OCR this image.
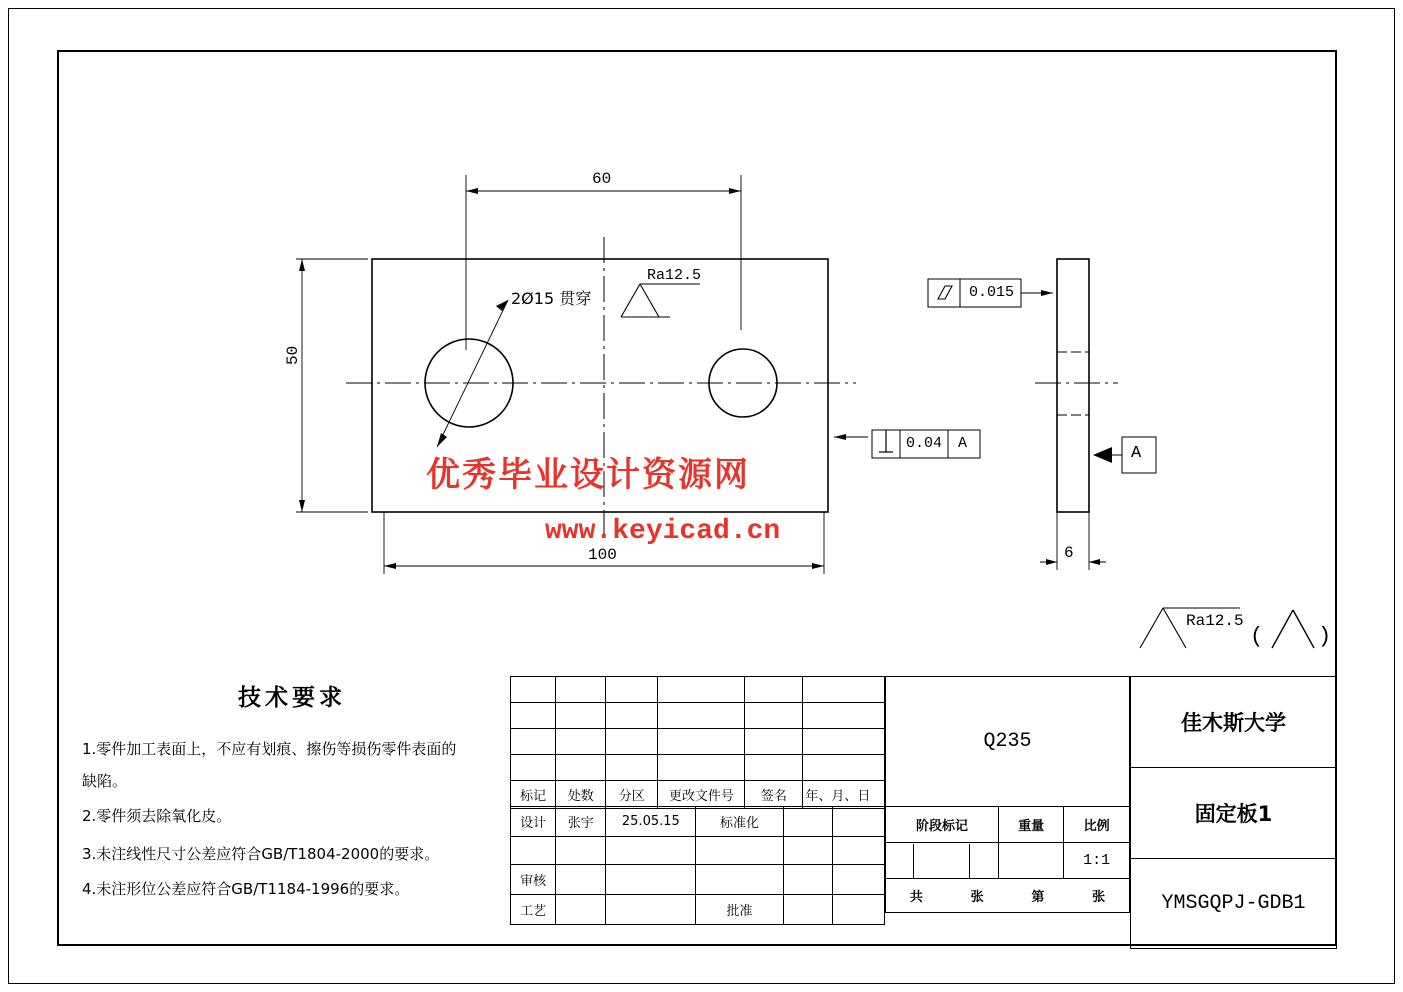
60
50
100	6
2Ø15 贯穿
Ra12.5
0.015
0.04 A
A
Ra12.5
( )
优秀毕业设计资源网
www.keyicad.cn
技术要求
1.零件加工表面上，不应有划痕、擦伤等损伤零件表面的
缺陷。
2.零件须去除氧化皮。
3.未注线性尺寸公差应符合GB/T1804-2000的要求。
4.未注形位公差应符合GB/T1184-1996的要求。

标记	处数	分区	更改文件号	签名	年、月、日
设计	张宇	25.05.15	标准化		

审核					
工艺			批准		
Q235
阶段标记	重量	比例

		1:1

共	张	第	张
佳木斯大学
固定板1
YMSGQPJ-GDB1
